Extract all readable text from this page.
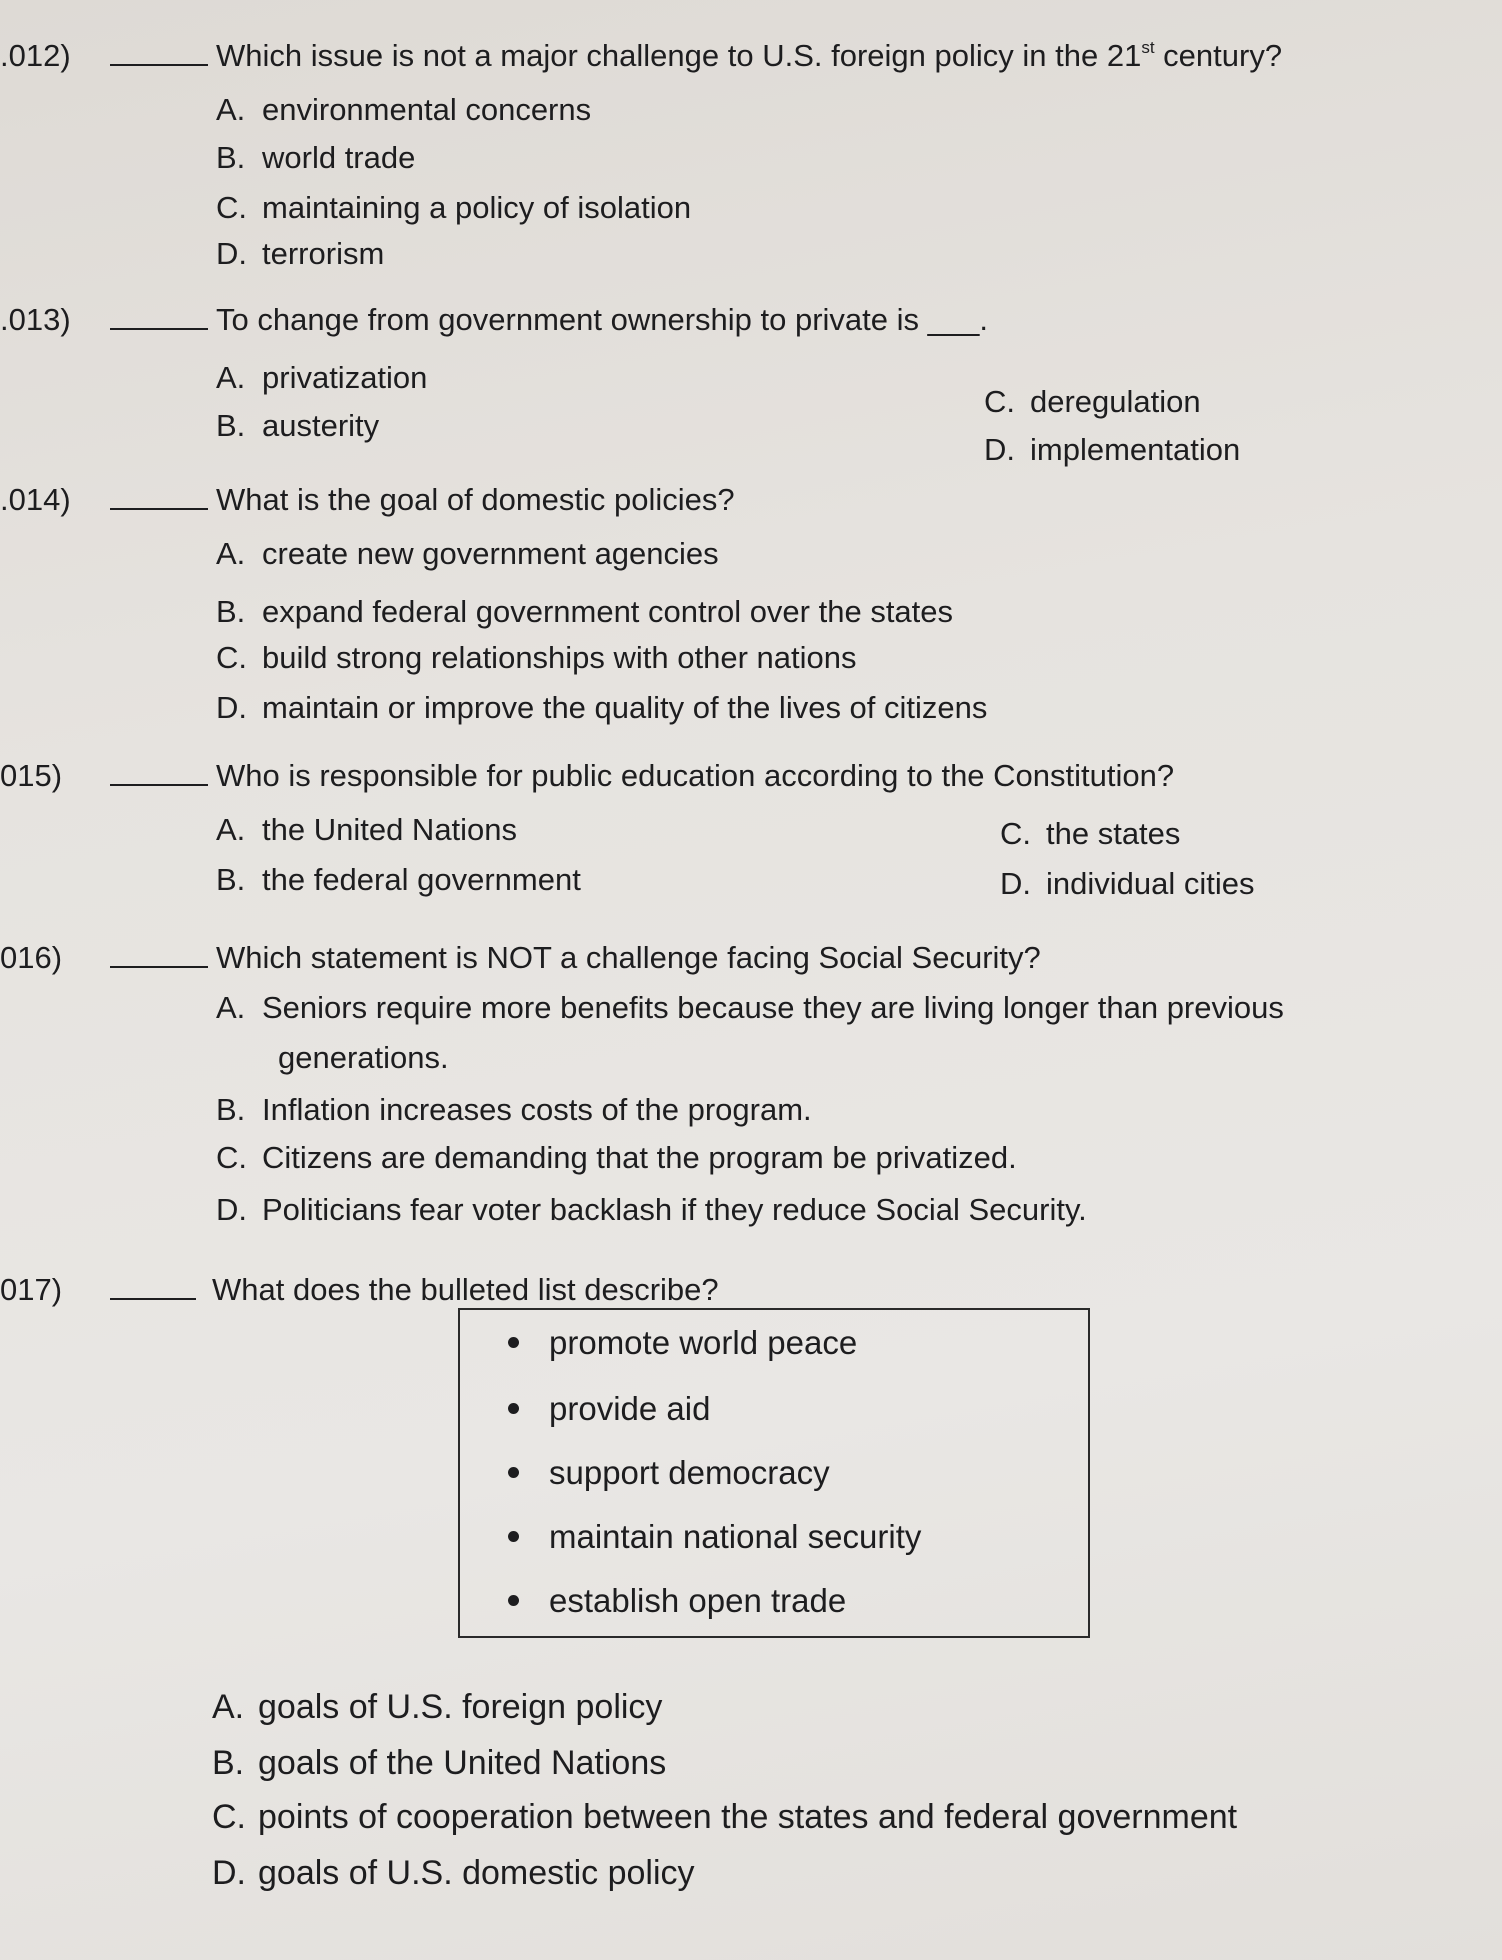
.012)	Which issue is not a major challenge to U.S. foreign policy in the 21st century?
A. environmental concerns
B. world trade
C. maintaining a policy of isolation
D. terrorism
.013)	To change from government ownership to private is ___.
A. privatization
B. austerity
C. deregulation
D. implementation
.014)	What is the goal of domestic policies?
A. create new government agencies
B. expand federal government control over the states
C. build strong relationships with other nations
D. maintain or improve the quality of the lives of citizens
015)	Who is responsible for public education according to the Constitution?
A. the United Nations
B. the federal government
C. the states
D. individual cities
016)	Which statement is NOT a challenge facing Social Security?
A. Seniors require more benefits because they are living longer than previous
generations.
B. Inflation increases costs of the program.
C. Citizens are demanding that the program be privatized.
D. Politicians fear voter backlash if they reduce Social Security.
017)	What does the bulleted list describe?
promote world peace
provide aid
support democracy
maintain national security
establish open trade
A. goals of U.S. foreign policy
B. goals of the United Nations
C. points of cooperation between the states and federal government
D. goals of U.S. domestic policy
